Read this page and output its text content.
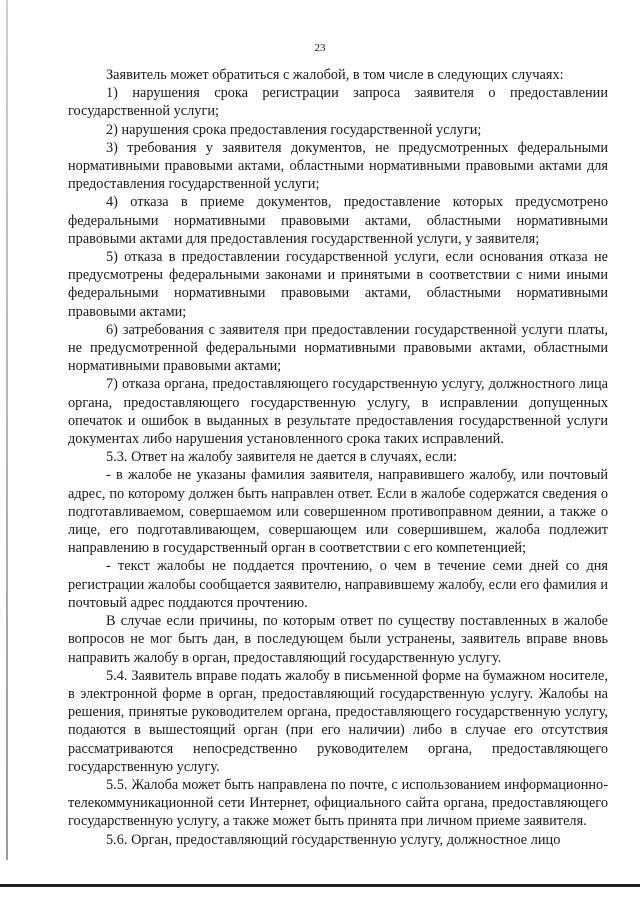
23

Заявитель может обратиться с жалобой, в том числе в следующих случаях:

1) нарушения срока регистрации запроса заявителя о предоставлении государственной услуги;

2) нарушения срока предоставления государственной услуги;

3) требования у заявителя документов, не предусмотренных федеральными нормативными правовыми актами, областными нормативными правовыми актами для предоставления государственной услуги;

4) отказа в приеме документов, предоставление которых предусмотрено федеральными нормативными правовыми актами, областными нормативными правовыми актами для предоставления государственной услуги, у заявителя;

5) отказа в предоставлении государственной услуги, если основания отказа не предусмотрены федеральными законами и принятыми в соответствии с ними иными федеральными нормативными правовыми актами, областными нормативными правовыми актами;

6) затребования с заявителя при предоставлении государственной услуги платы, не предусмотренной федеральными нормативными правовыми актами, областными нормативными правовыми актами;

7) отказа органа, предоставляющего государственную услугу, должностного лица органа, предоставляющего государственную услугу, в исправлении допущенных опечаток и ошибок в выданных в результате предоставления государственной услуги документах либо нарушения установленного срока таких исправлений.

5.3. Ответ на жалобу заявителя не дается в случаях, если:

- в жалобе не указаны фамилия заявителя, направившего жалобу, или почтовый адрес, по которому должен быть направлен ответ. Если в жалобе содержатся сведения о подготавливаемом, совершаемом или совершенном противоправном деянии, а также о лице, его подготавливающем, совершающем или совершившем, жалоба подлежит направлению в государственный орган в соответствии с его компетенцией;

- текст жалобы не поддается прочтению, о чем в течение семи дней со дня регистрации жалобы сообщается заявителю, направившему жалобу, если его фамилия и почтовый адрес поддаются прочтению.

В случае если причины, по которым ответ по существу поставленных в жалобе вопросов не мог быть дан, в последующем были устранены, заявитель вправе вновь направить жалобу в орган, предоставляющий государственную услугу.

5.4. Заявитель вправе подать жалобу в письменной форме на бумажном носителе, в электронной форме в орган, предоставляющий государственную услугу. Жалобы на решения, принятые руководителем органа, предоставляющего государственную услугу, подаются в вышестоящий орган (при его наличии) либо в случае его отсутствия рассматриваются непосредственно руководителем органа, предоставляющего государственную услугу.

5.5. Жалоба может быть направлена по почте, с использованием информационно-телекоммуникационной сети Интернет, официального сайта органа, предоставляющего государственную услугу, а также может быть принята при личном приеме заявителя.

5.6. Орган, предоставляющий государственную услугу, должностное лицо
